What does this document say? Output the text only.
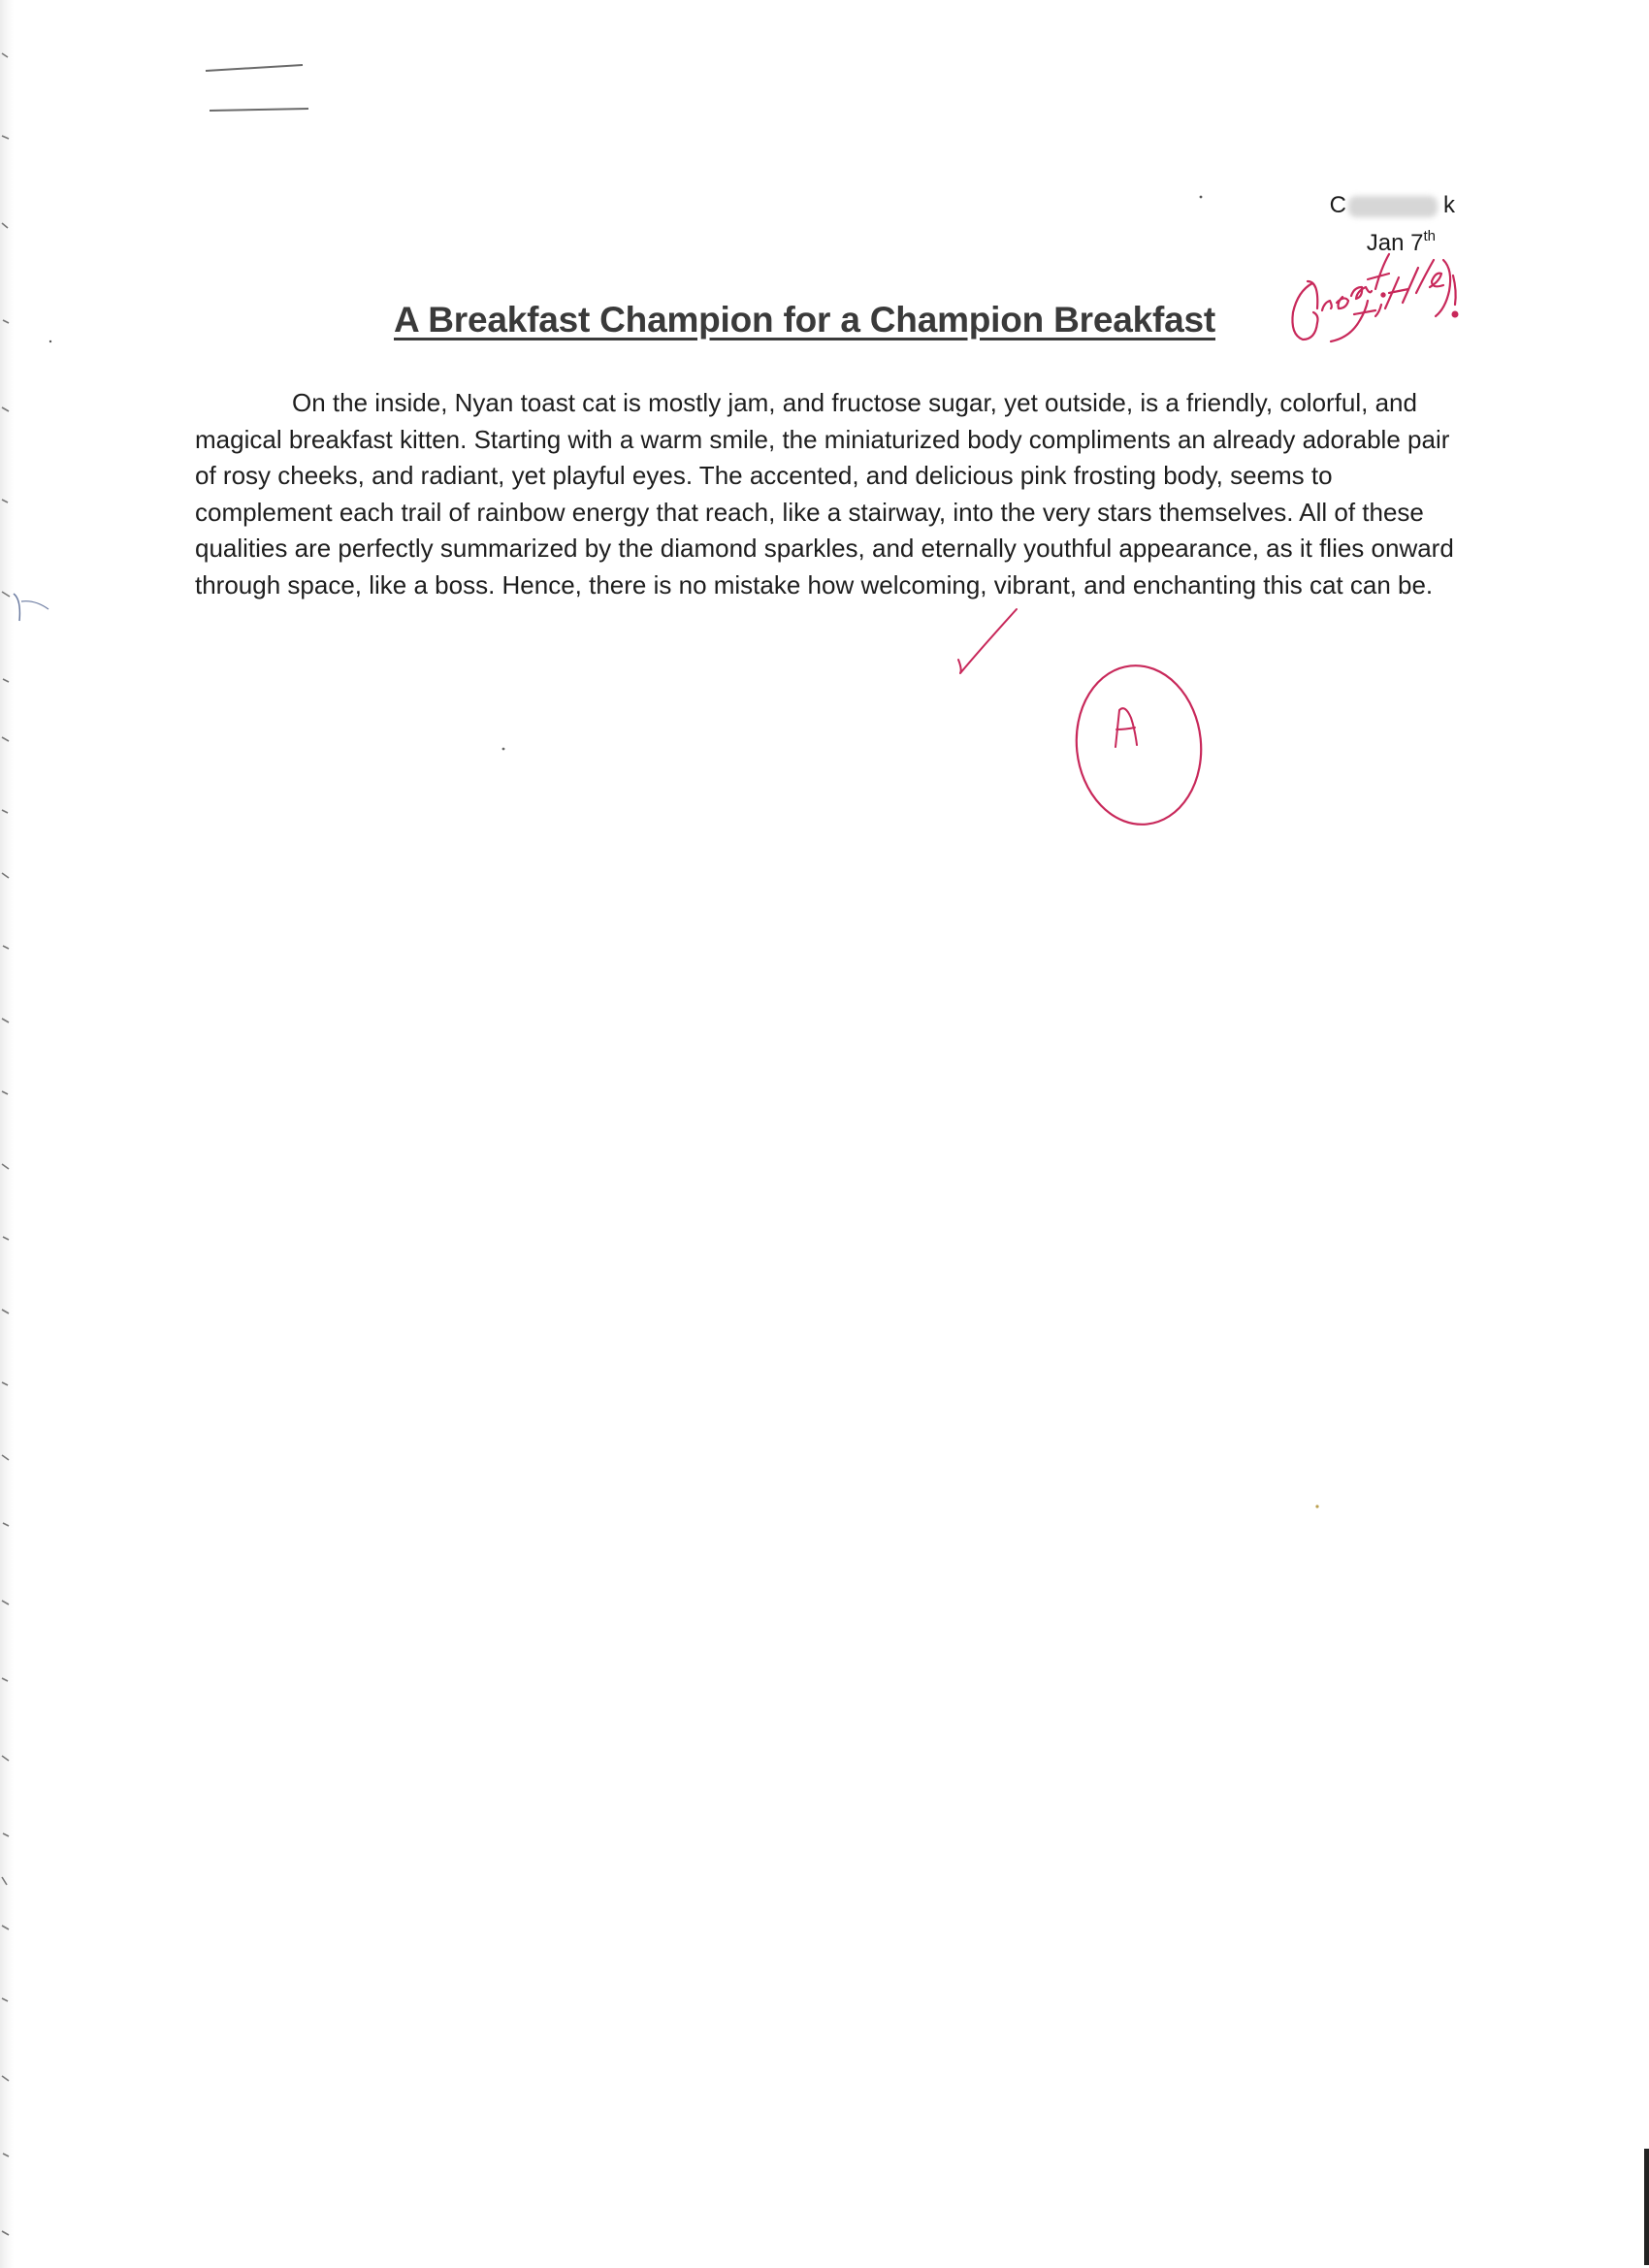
C	k
Jan 7th
A Breakfast Champion for a Champion Breakfast

On the inside, Nyan toast cat is mostly jam, and fructose sugar, yet outside, is a friendly, colorful, and magical breakfast kitten. Starting with a warm smile, the miniaturized body compliments an already adorable pair of rosy cheeks, and radiant, yet playful eyes. The accented, and delicious pink frosting body, seems to complement each trail of rainbow energy that reach, like a stairway, into the very stars themselves. All of these qualities are perfectly summarized by the diamond sparkles, and eternally youthful appearance, as it flies onward through space, like a boss. Hence, there is no mistake how welcoming, vibrant, and enchanting this cat can be.
